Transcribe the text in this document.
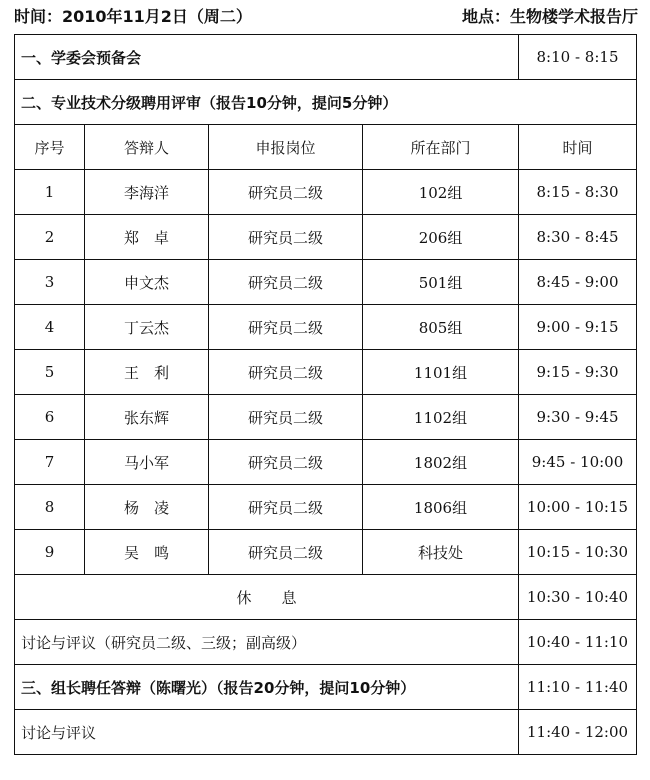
时间：2010年11月2日（周二）	地点：生物楼学术报告厅
一、学委会预备会				8:10 - 8:15
二、专业技术分级聘用评审（报告10分钟，提问5分钟）				
序号	答辩人	申报岗位	所在部门	时间
1	李海洋	研究员二级	102组	8:15 - 8:30
2	郑　卓	研究员二级	206组	8:30 - 8:45
3	申文杰	研究员二级	501组	8:45 - 9:00
4	丁云杰	研究员二级	805组	9:00 - 9:15
5	王　利	研究员二级	1101组	9:15 - 9:30
6	张东辉	研究员二级	1102组	9:30 - 9:45
7	马小军	研究员二级	1802组	9:45 - 10:00
8	杨　凌	研究员二级	1806组	10:00 - 10:15
9	吴　鸣	研究员二级	科技处	10:15 - 10:30
休　　息				10:30 - 10:40
讨论与评议（研究员二级、三级；副高级）				10:40 - 11:10
三、组长聘任答辩（陈曙光）（报告20分钟，提问10分钟）				11:10 - 11:40
讨论与评议				11:40 - 12:00
